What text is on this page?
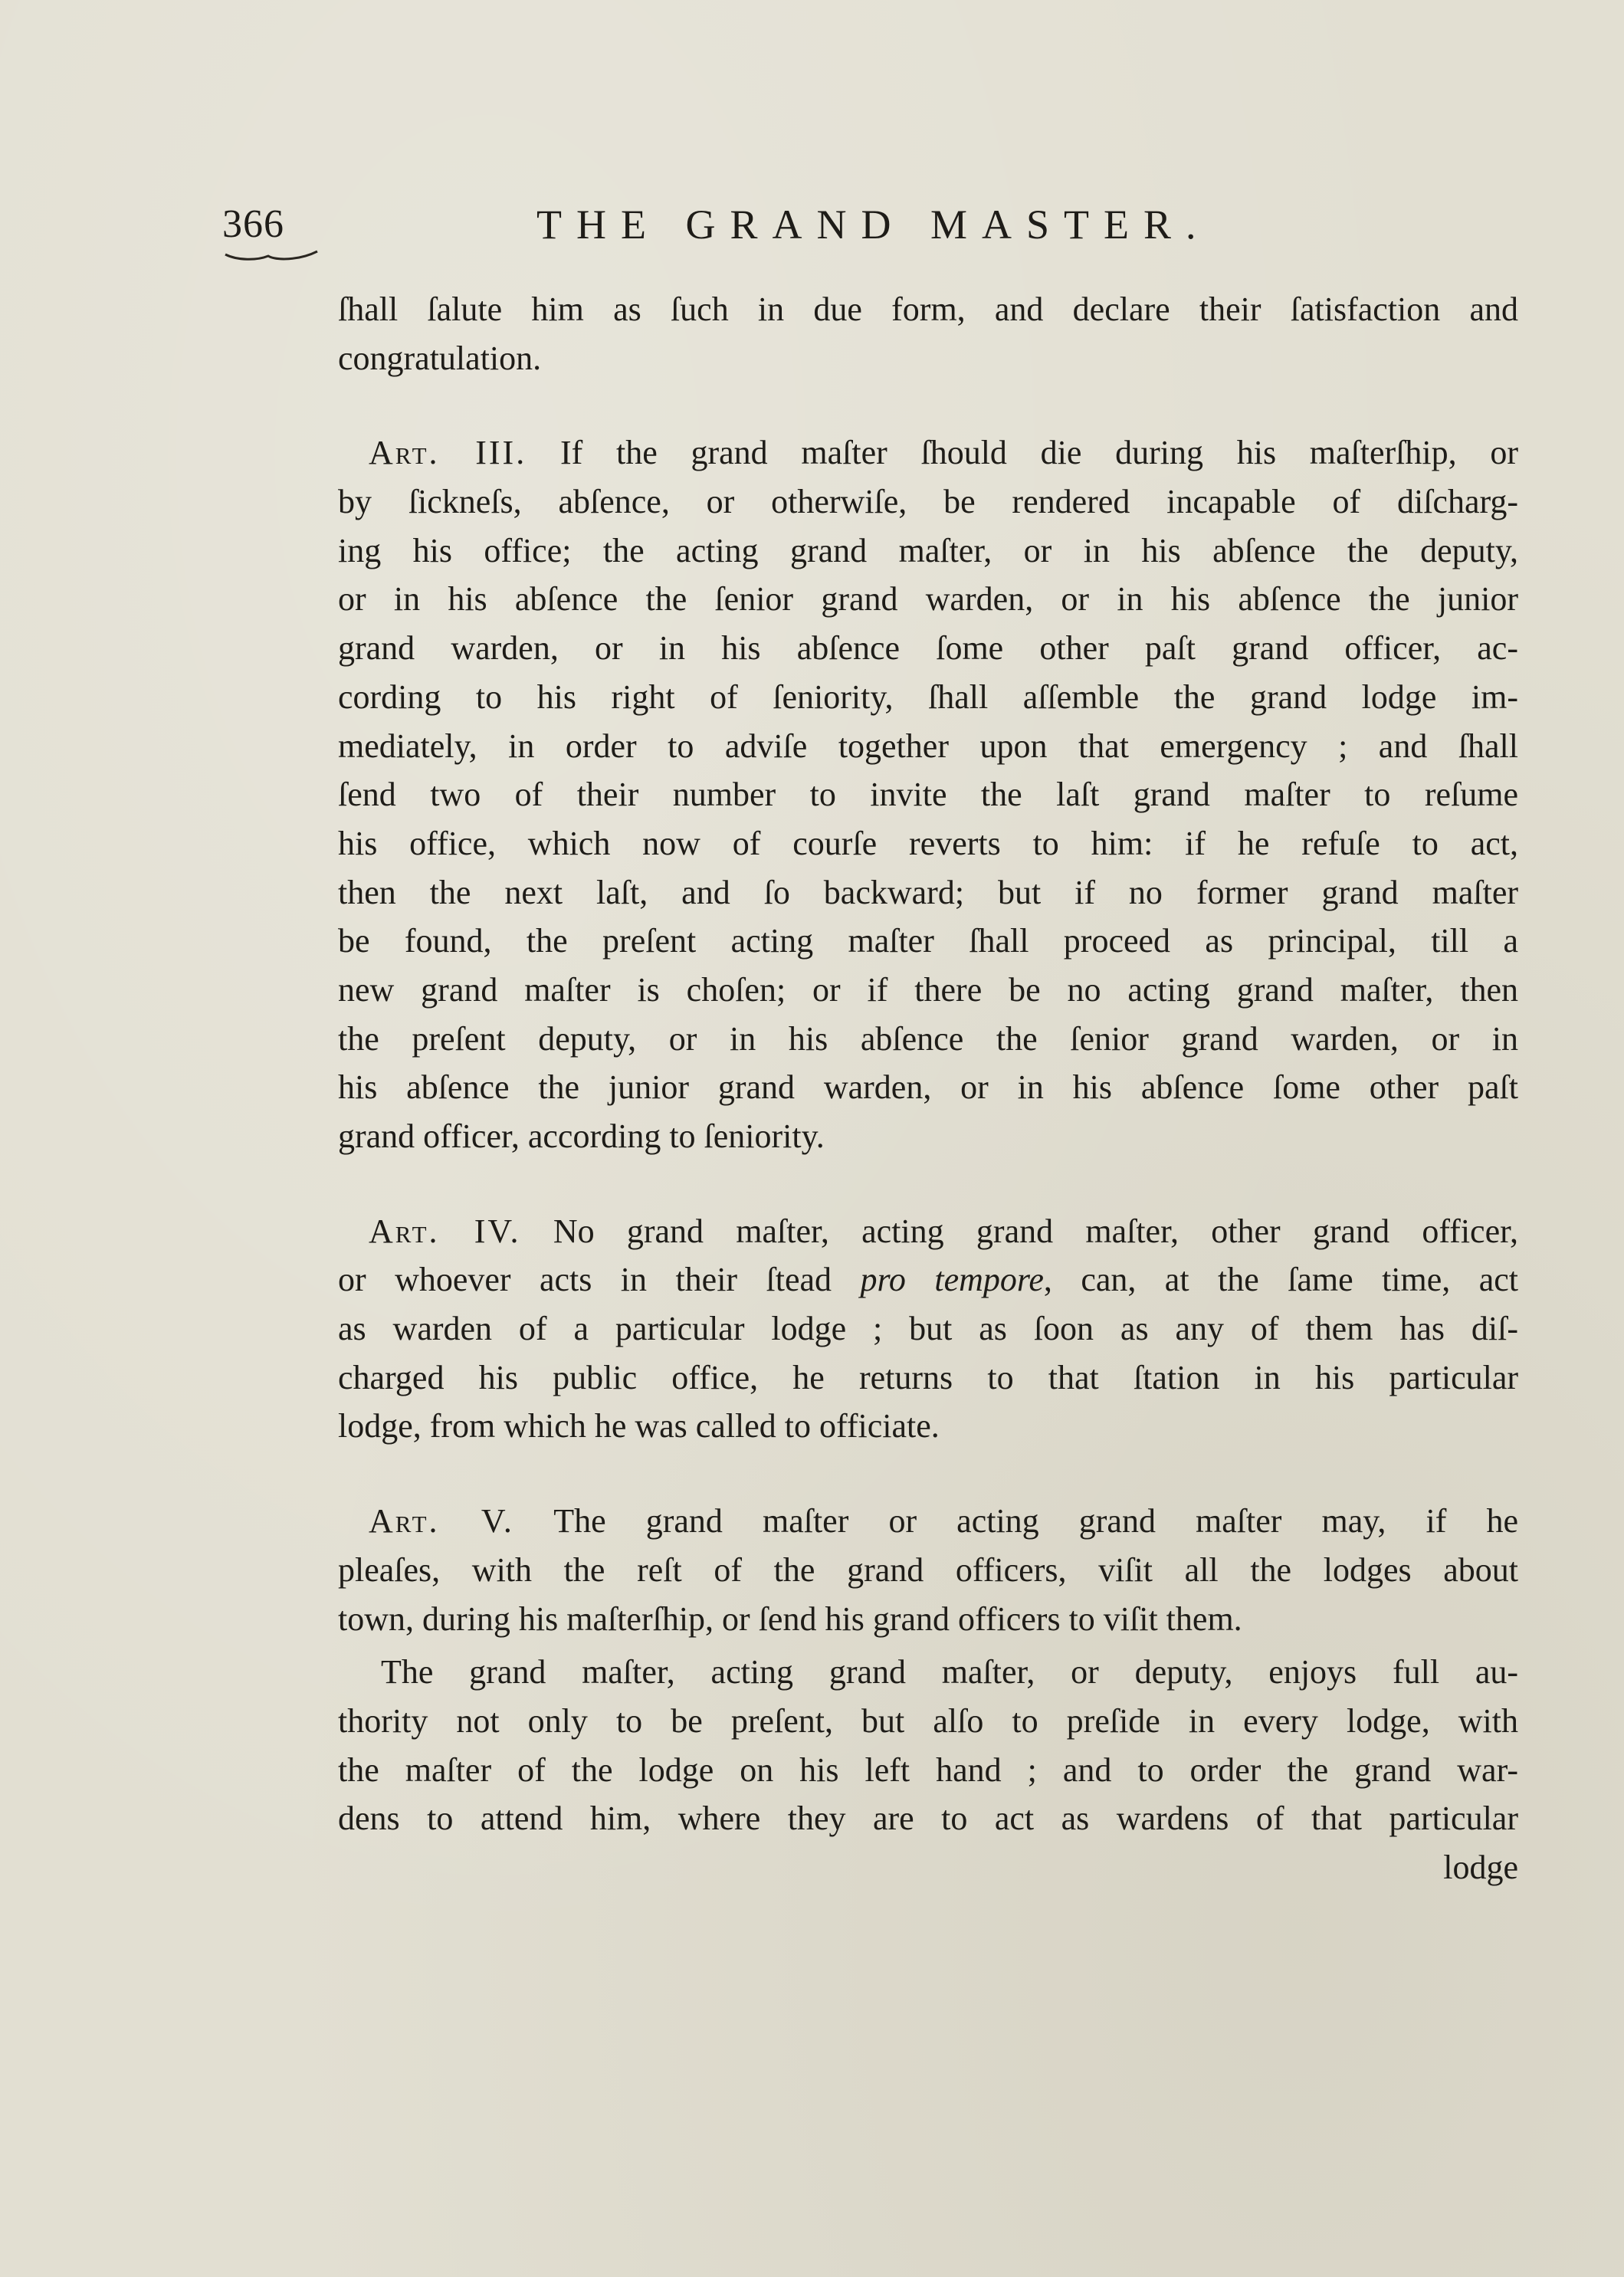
366	THE GRAND MASTER.
ſhall ſalute him as ſuch in due form, and declare their ſatisfaction and
congratulation.
Art. III. If the grand maſter ſhould die during his maſterſhip, or
by ſickneſs, abſence, or otherwiſe, be rendered incapable of diſcharg-
ing his office; the acting grand maſter, or in his abſence the deputy,
or in his abſence the ſenior grand warden, or in his abſence the junior
grand warden, or in his abſence ſome other paſt grand officer, ac-
cording to his right of ſeniority, ſhall aſſemble the grand lodge im-
mediately, in order to adviſe together upon that emergency ; and ſhall
ſend two of their number to invite the laſt grand maſter to reſume
his office, which now of courſe reverts to him: if he refuſe to act,
then the next laſt, and ſo backward; but if no former grand maſter
be found, the preſent acting maſter ſhall proceed as principal, till a
new grand maſter is choſen; or if there be no acting grand maſter, then
the preſent deputy, or in his abſence the ſenior grand warden, or in
his abſence the junior grand warden, or in his abſence ſome other paſt
grand officer, according to ſeniority.
Art. IV. No grand maſter, acting grand maſter, other grand officer,
or whoever acts in their ſtead pro tempore, can, at the ſame time, act
as warden of a particular lodge ; but as ſoon as any of them has diſ-
charged his public office, he returns to that ſtation in his particular
lodge, from which he was called to officiate.
Art. V. The grand maſter or acting grand maſter may, if he
pleaſes, with the reſt of the grand officers, viſit all the lodges about
town, during his maſterſhip, or ſend his grand officers to viſit them.
The grand maſter, acting grand maſter, or deputy, enjoys full au-
thority not only to be preſent, but alſo to preſide in every lodge, with
the maſter of the lodge on his left hand ; and to order the grand war-
dens to attend him, where they are to act as wardens of that particular
lodge
